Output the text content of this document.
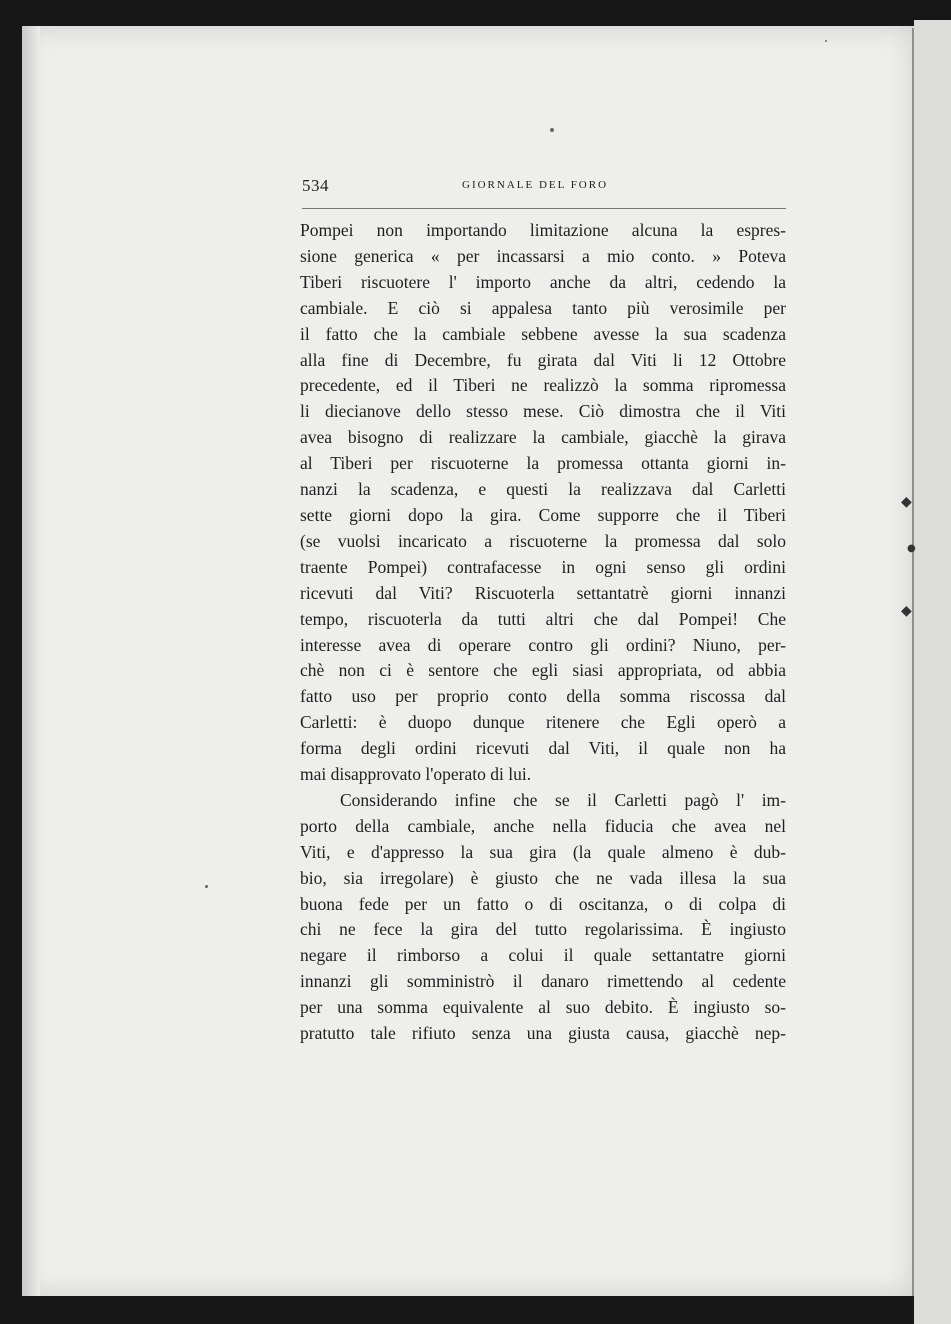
◆
●
◆
534	GIORNALE DEL FORO
Pompei non importando limitazione alcuna la espres-
sione generica « per incassarsi a mio conto. » Poteva
Tiberi riscuotere l' importo anche da altri, cedendo la
cambiale. E ciò si appalesa tanto più verosimile per
il fatto che la cambiale sebbene avesse la sua scadenza
alla fine di Decembre, fu girata dal Viti li 12 Ottobre
precedente, ed il Tiberi ne realizzò la somma ripromessa
li diecianove dello stesso mese. Ciò dimostra che il Viti
avea bisogno di realizzare la cambiale, giacchè la girava
al Tiberi per riscuoterne la promessa ottanta giorni in-
nanzi la scadenza, e questi la realizzava dal Carletti
sette giorni dopo la gira. Come supporre che il Tiberi
(se vuolsi incaricato a riscuoterne la promessa dal solo
traente Pompei) contrafacesse in ogni senso gli ordini
ricevuti dal Viti? Riscuoterla settantatrè giorni innanzi
tempo, riscuoterla da tutti altri che dal Pompei! Che
interesse avea di operare contro gli ordini? Niuno, per-
chè non ci è sentore che egli siasi appropriata, od abbia
fatto uso per proprio conto della somma riscossa dal
Carletti: è duopo dunque ritenere che Egli operò a
forma degli ordini ricevuti dal Viti, il quale non ha
mai disapprovato l'operato di lui.
Considerando infine che se il Carletti pagò l' im-
porto della cambiale, anche nella fiducia che avea nel
Viti, e d'appresso la sua gira (la quale almeno è dub-
bio, sia irregolare) è giusto che ne vada illesa la sua
buona fede per un fatto o di oscitanza, o di colpa di
chi ne fece la gira del tutto regolarissima. È ingiusto
negare il rimborso a colui il quale settantatre giorni
innanzi gli somministrò il danaro rimettendo al cedente
per una somma equivalente al suo debito. È ingiusto so-
pratutto tale rifiuto senza una giusta causa, giacchè nep-
